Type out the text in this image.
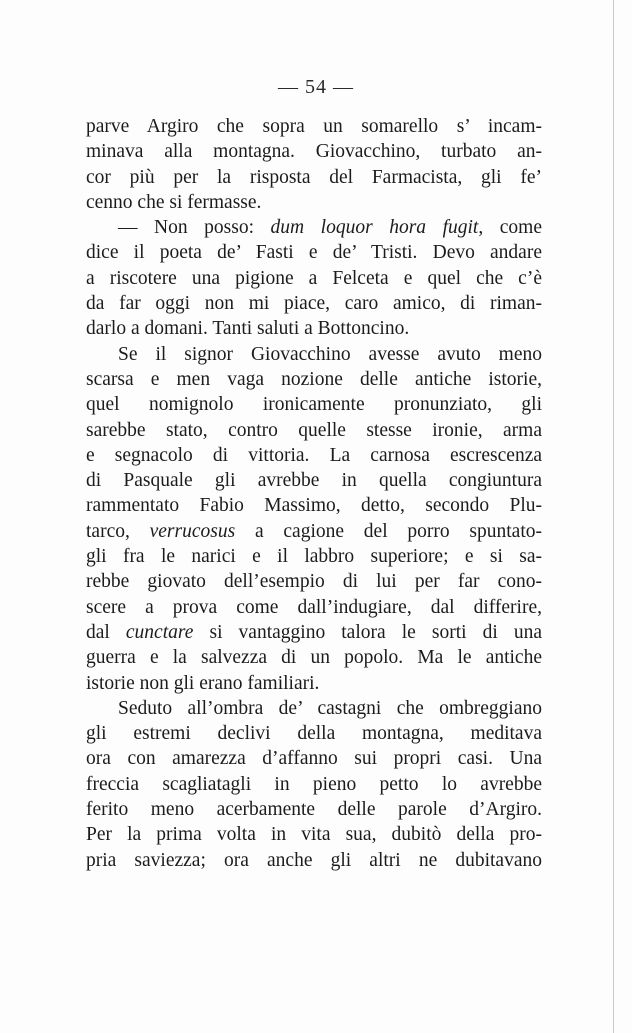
— 54 —
parve Argiro che sopra un somarello s’ incam-
minava alla montagna. Giovacchino, turbato an-
cor più per la risposta del Farmacista, gli fe’
cenno che si fermasse.
— Non posso: dum loquor hora fugit, come
dice il poeta de’ Fasti e de’ Tristi. Devo andare
a riscotere una pigione a Felceta e quel che c’è
da far oggi non mi piace, caro amico, di riman-
darlo a domani. Tanti saluti a Bottoncino.
Se il signor Giovacchino avesse avuto meno
scarsa e men vaga nozione delle antiche istorie,
quel nomignolo ironicamente pronunziato, gli
sarebbe stato, contro quelle stesse ironie, arma
e segnacolo di vittoria. La carnosa escrescenza
di Pasquale gli avrebbe in quella congiuntura
rammentato Fabio Massimo, detto, secondo Plu-
tarco, verrucosus a cagione del porro spuntato-
gli fra le narici e il labbro superiore; e si sa-
rebbe giovato dell’esempio di lui per far cono-
scere a prova come dall’indugiare, dal differire,
dal cunctare si vantaggino talora le sorti di una
guerra e la salvezza di un popolo. Ma le antiche
istorie non gli erano familiari.
Seduto all’ombra de’ castagni che ombreggiano
gli estremi declivi della montagna, meditava
ora con amarezza d’affanno sui propri casi. Una
freccia scagliatagli in pieno petto lo avrebbe
ferito meno acerbamente delle parole d’Argiro.
Per la prima volta in vita sua, dubitò della pro-
pria saviezza; ora anche gli altri ne dubitavano
